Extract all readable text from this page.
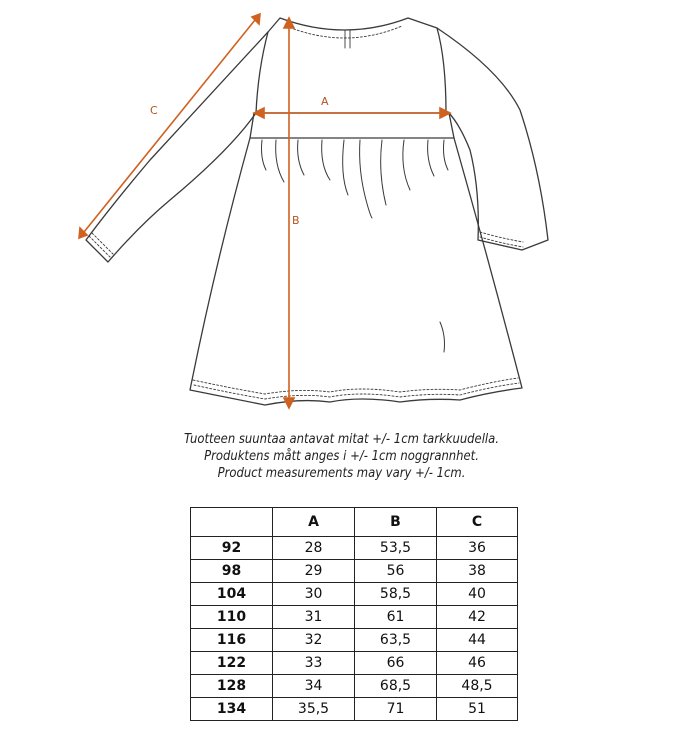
A
B
C
Tuotteen suuntaa antavat mitat +/- 1cm tarkkuudella.
Produktens mått anges i +/- 1cm noggrannhet.
Product measurements may vary +/- 1cm.
	A	B	C
92	28	53,5	36
98	29	56	38
104	30	58,5	40
110	31	61	42
116	32	63,5	44
122	33	66	46
128	34	68,5	48,5
134	35,5	71	51
